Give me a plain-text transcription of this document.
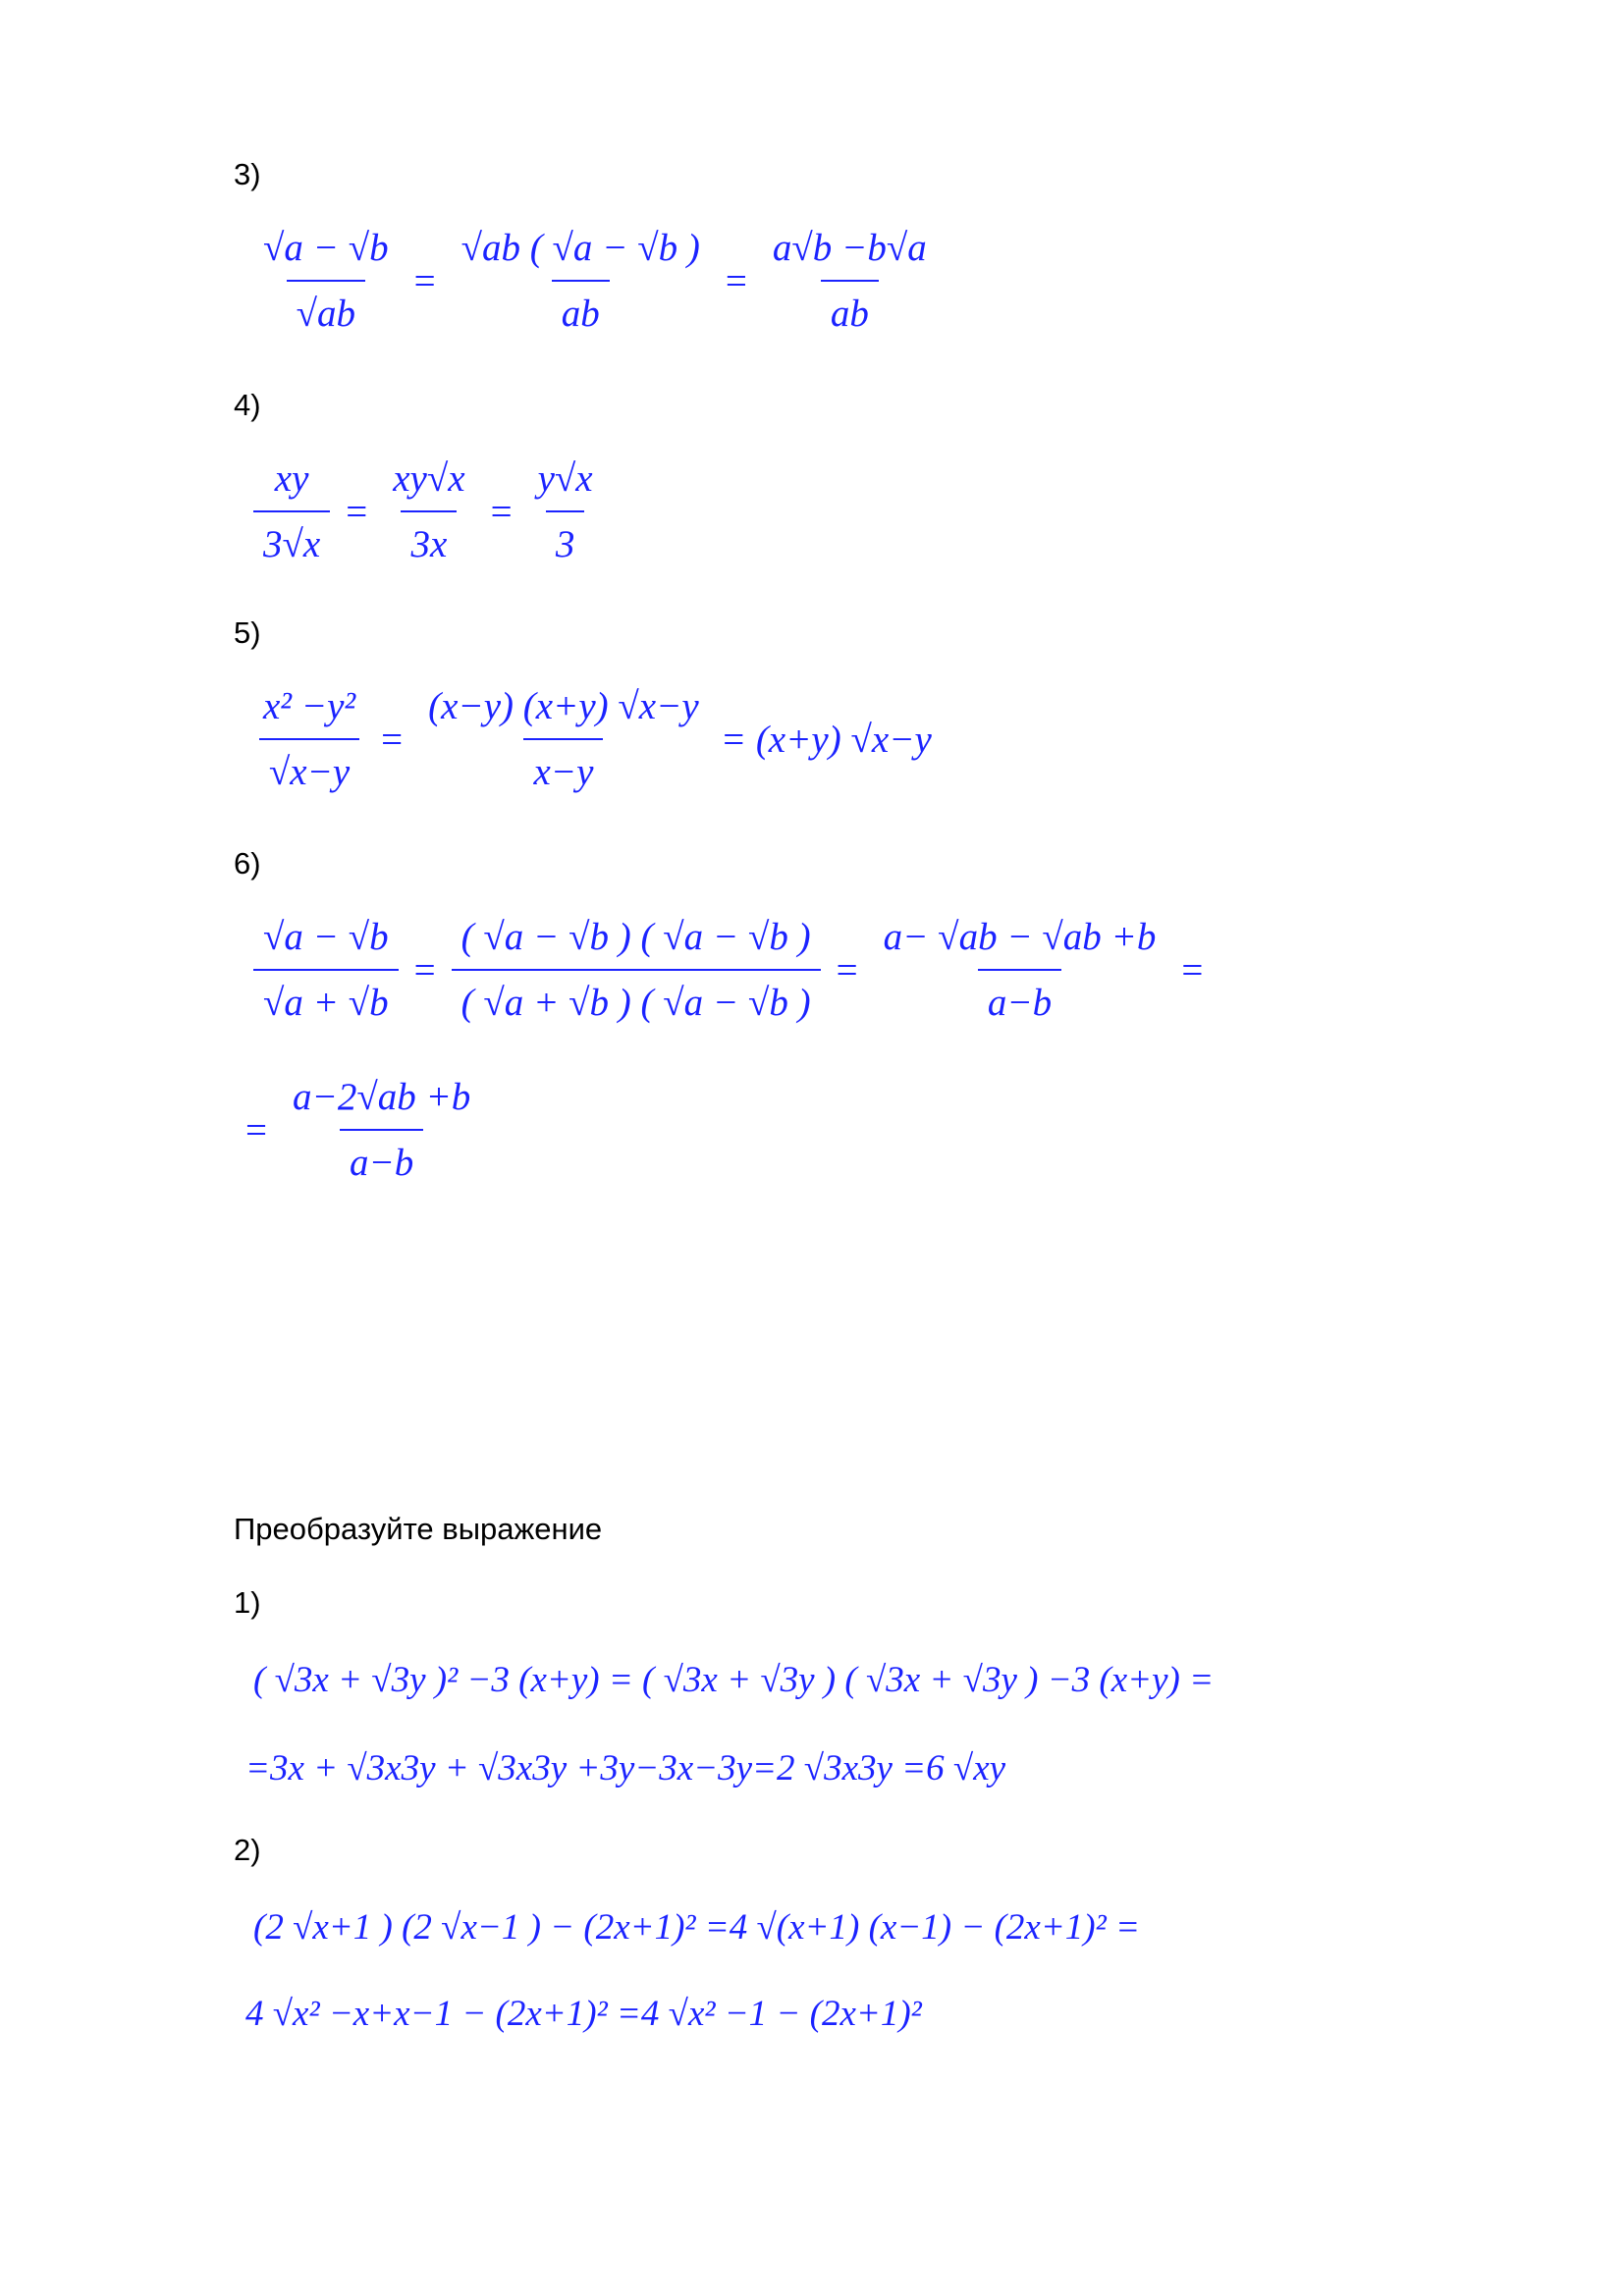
3)
$\frac{√a - √b}{√ab} = \frac{√ab ( √a - √b )}{ab} = \frac{a√b -b√a}{ab}$
4)
$\frac{xy}{3√x} = \frac{xy√x}{3x} = \frac{y√x}{3}$
5)
$\frac{\text{x² −y²}}{√x-y} = \frac{(x-y) (x+y) √x-y}{x-y} = (x+y)$ √x−y
6)
$\frac{√a - √b}{√a + √b} = \frac{( √a - √b ) ( √a - √b )}{( √a + √b ) ( √a - √b )} = \frac{a- √ab - √ab +b}{a-b}$ =
= $\frac{a-2√ab +b}{a-b}$
Преобразуйте выражение
1)
( √3x + √3y )² −3 (x+y) = ( √3x + √3y ) ( √3x + √3y ) −3 (x+y) =
=3x + √3x3y + √3x3y +3y−3x−3y=2 √3x3y =6 √xy
2)
(2 √x+1 ) (2 √x−1 ) − (2x+1)² =4 √(x+1) (x−1) − (2x+1)² =
4 √x² −x+x−1 − (2x+1)² =4 √x² −1 − (2x+1)²
